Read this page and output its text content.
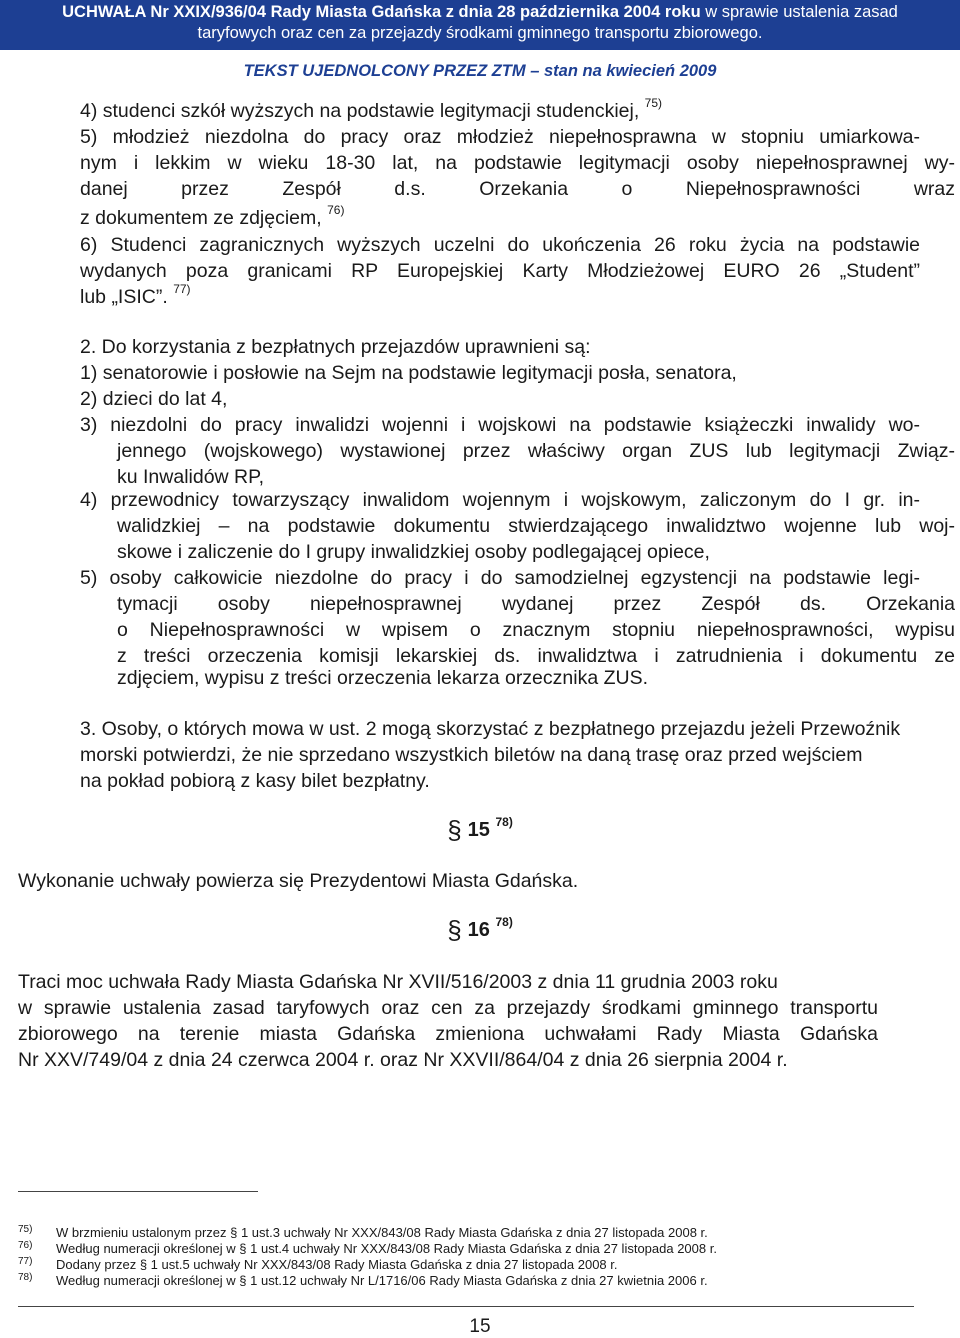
UCHWAŁA Nr XXIX/936/04 Rady Miasta Gdańska z dnia 28 października 2004 roku w sprawie ustalenia zasad
taryfowych oraz cen za przejazdy środkami gminnego transportu zbiorowego.
TEKST UJEDNOLCONY PRZEZ ZTM – stan na kwiecień 2009
4) studenci szkół wyższych na podstawie legitymacji studenckiej, $^{75)}$
5) młodzież niezdolna do pracy oraz młodzież niepełnosprawna w stopniu umiarkowa-
nym i lekkim w wieku 18-30 lat, na podstawie legitymacji osoby niepełnosprawnej wy-
danej przez Zespół d.s. Orzekania o Niepełnosprawności wraz
z dokumentem ze zdjęciem, $^{76)}$
6) Studenci zagranicznych wyższych uczelni do ukończenia 26 roku życia na podstawie
wydanych poza granicami RP Europejskiej Karty Młodzieżowej EURO 26 „Student”
lub „ISIC”. $^{77)}$
2. Do korzystania z bezpłatnych przejazdów uprawnieni są:
1) senatorowie i posłowie na Sejm na podstawie legitymacji posła, senatora,
2) dzieci do lat 4,
3) niezdolni do pracy inwalidzi wojenni i wojskowi na podstawie książeczki inwalidy wo-
jennego (wojskowego) wystawionej przez właściwy organ ZUS lub legitymacji Związ-
ku Inwalidów RP,
4) przewodnicy towarzyszący inwalidom wojennym i wojskowym, zaliczonym do I gr. in-
walidzkiej – na podstawie dokumentu stwierdzającego inwalidztwo wojenne lub woj-
skowe i zaliczenie do I grupy inwalidzkiej osoby podlegającej opiece,
5) osoby całkowicie niezdolne do pracy i do samodzielnej egzystencji na podstawie legi-
tymacji osoby niepełnosprawnej wydanej przez Zespół ds. Orzekania
o Niepełnosprawności w wpisem o znacznym stopniu niepełnosprawności, wypisu
z treści orzeczenia komisji lekarskiej ds. inwalidztwa i zatrudnienia i dokumentu ze
zdjęciem, wypisu z treści orzeczenia lekarza orzecznika ZUS.
3. Osoby, o których mowa w ust. 2 mogą skorzystać z bezpłatnego przejazdu jeżeli Przewoźnik
morski potwierdzi, że nie sprzedano wszystkich biletów na daną trasę oraz przed wejściem
na pokład pobiorą z kasy bilet bezpłatny.
§ 15 $^{78)}$
Wykonanie uchwały powierza się Prezydentowi Miasta Gdańska.
§ 16 $^{78)}$
Traci moc uchwała Rady Miasta Gdańska Nr XVII/516/2003 z dnia 11 grudnia 2003 roku
w sprawie ustalenia zasad taryfowych oraz cen za przejazdy środkami gminnego transportu
zbiorowego na terenie miasta Gdańska zmieniona uchwałami Rady Miasta Gdańska
Nr XXV/749/04 z dnia 24 czerwca 2004 r. oraz Nr XXVII/864/04 z dnia 26 sierpnia 2004 r.
75) W brzmieniu ustalonym przez § 1 ust.3 uchwały Nr XXX/843/08 Rady Miasta Gdańska z dnia 27 listopada 2008 r.
76) Według numeracji określonej w § 1 ust.4 uchwały Nr XXX/843/08 Rady Miasta Gdańska z dnia 27 listopada 2008 r.
77) Dodany przez § 1 ust.5 uchwały Nr XXX/843/08 Rady Miasta Gdańska z dnia 27 listopada 2008 r.
78) Według numeracji określonej w § 1 ust.12 uchwały Nr L/1716/06 Rady Miasta Gdańska z dnia 27 kwietnia 2006 r.
15
